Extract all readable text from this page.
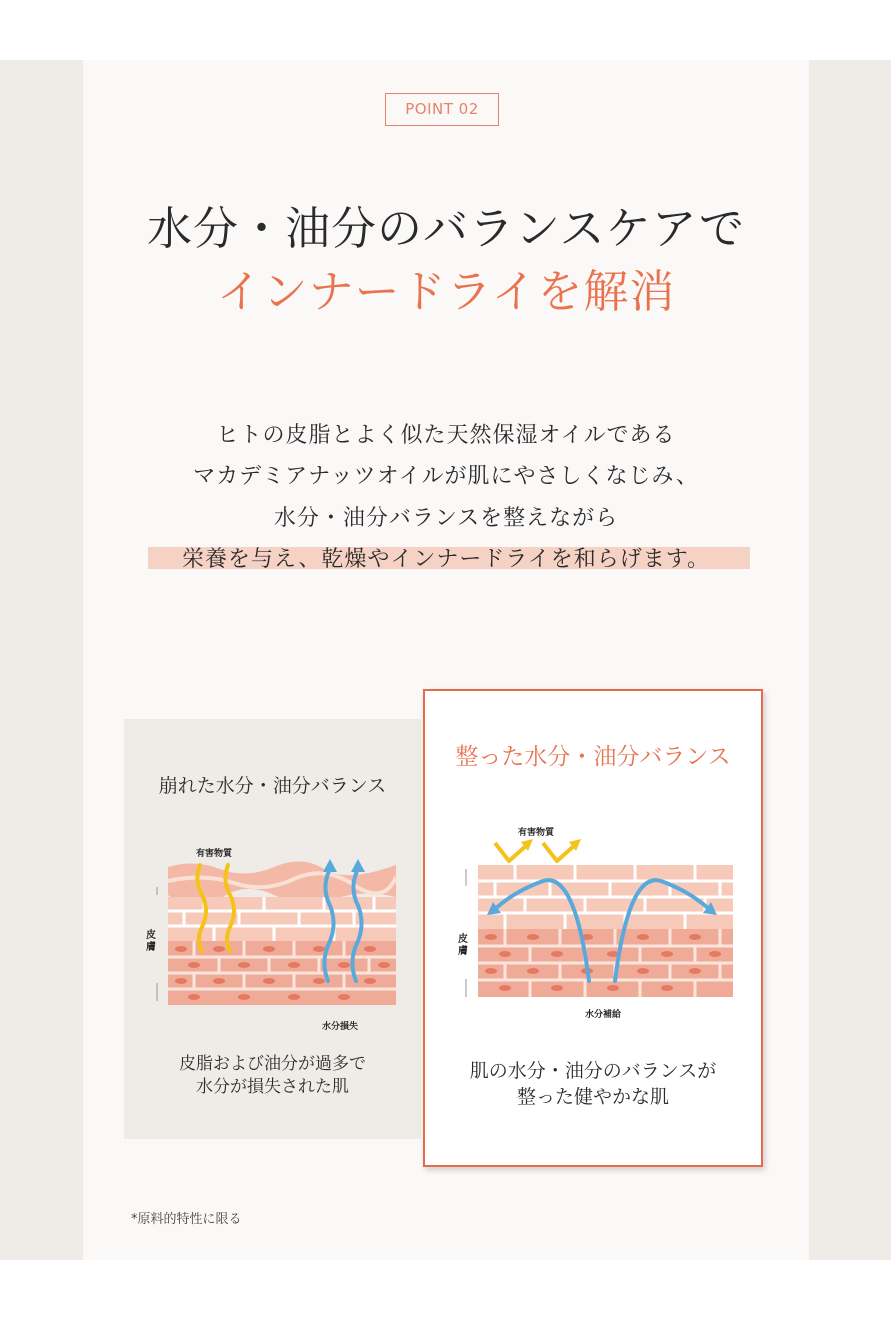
POINT 02
水分・油分のバランスケアで
インナードライを解消
ヒトの皮脂とよく似た天然保湿オイルである
マカデミアナッツオイルが肌にやさしくなじみ、
水分・油分バランスを整えながら
栄養を与え、乾燥やインナードライを和らげます。
崩れた水分・油分バランス
有害物質
皮膚
水分損失
皮脂および油分が過多で
水分が損失された肌
整った水分・油分バランス
有害物質
皮膚
水分補給
肌の水分・油分のバランスが
整った健やかな肌
*原料的特性に限る
